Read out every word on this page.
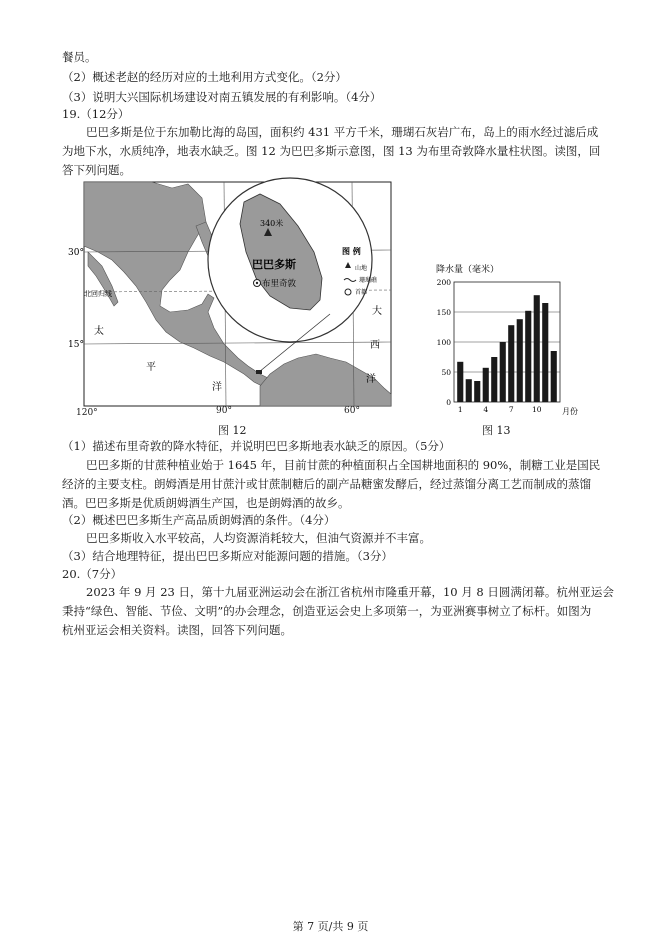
餐员。
（2）概述老赵的经历对应的土地利用方式变化。（2分）
（3）说明大兴国际机场建设对南五镇发展的有利影响。（4分）
19.（12分）
巴巴多斯是位于东加勒比海的岛国，面积约 431 平方千米，珊瑚石灰岩广布，岛上的雨水经过滤后成
为地下水，水质纯净，地表水缺乏。图 12 为巴巴多斯示意图，图 13 为布里奇敦降水量柱状图。读图，回
答下列问题。
30°
15°
340米
巴巴多斯
布里奇敦
北回归线
图 例
山地
珊瑚礁
首都
太
平
洋
大
西
洋
120°	90°	60°
图 12
降水量（毫米）
0
50
100
150
200
1	4	7 10	月份
图 13
（1）描述布里奇敦的降水特征，并说明巴巴多斯地表水缺乏的原因。（5分）
巴巴多斯的甘蔗种植业始于 1645 年，目前甘蔗的种植面积占全国耕地面积的 90%，制糖工业是国民
经济的主要支柱。朗姆酒是用甘蔗汁或甘蔗制糖后的副产品糖蜜发酵后，经过蒸馏分离工艺而制成的蒸馏
酒。巴巴多斯是优质朗姆酒生产国，也是朗姆酒的故乡。
（2）概述巴巴多斯生产高品质朗姆酒的条件。（4分）
巴巴多斯收入水平较高，人均资源消耗较大，但油气资源并不丰富。
（3）结合地理特征，提出巴巴多斯应对能源问题的措施。（3分）
20.（7分）
2023 年 9 月 23 日，第十九届亚洲运动会在浙江省杭州市隆重开幕，10 月 8 日圆满闭幕。杭州亚运会
秉持“绿色、智能、节俭、文明”的办会理念，创造亚运会史上多项第一，为亚洲赛事树立了标杆。如图为
杭州亚运会相关资料。读图，回答下列问题。
第 7 页/共 9 页
